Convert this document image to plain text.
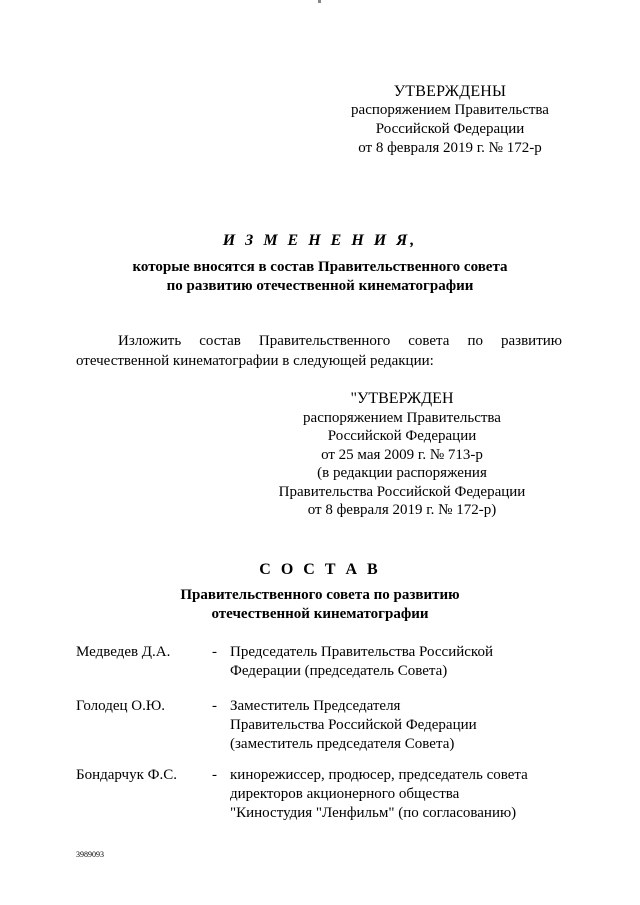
УТВЕРЖДЕНЫ
распоряжением Правительства
Российской Федерации
от 8 февраля 2019 г. № 172-р
И З М Е Н Е Н И Я,
которые вносятся в состав Правительственного совета
по развитию отечественной кинематографии
Изложить состав Правительственного совета по развитию
отечественной кинематографии в следующей редакции:
"УТВЕРЖДЕН
распоряжением Правительства
Российской Федерации
от 25 мая 2009 г. № 713-р
(в редакции распоряжения
Правительства Российской Федерации
от 8 февраля 2019 г. № 172-р)
С О С Т А В
Правительственного совета по развитию
отечественной кинематографии
Медведев Д.А.	- Председатель Правительства Российской
Федерации (председатель Совета)
Голодец О.Ю.	- Заместитель Председателя
Правительства Российской Федерации
(заместитель председателя Совета)
Бондарчук Ф.С.	- кинорежиссер, продюсер, председатель совета
директоров акционерного общества
"Киностудия "Ленфильм" (по согласованию)
3989093
